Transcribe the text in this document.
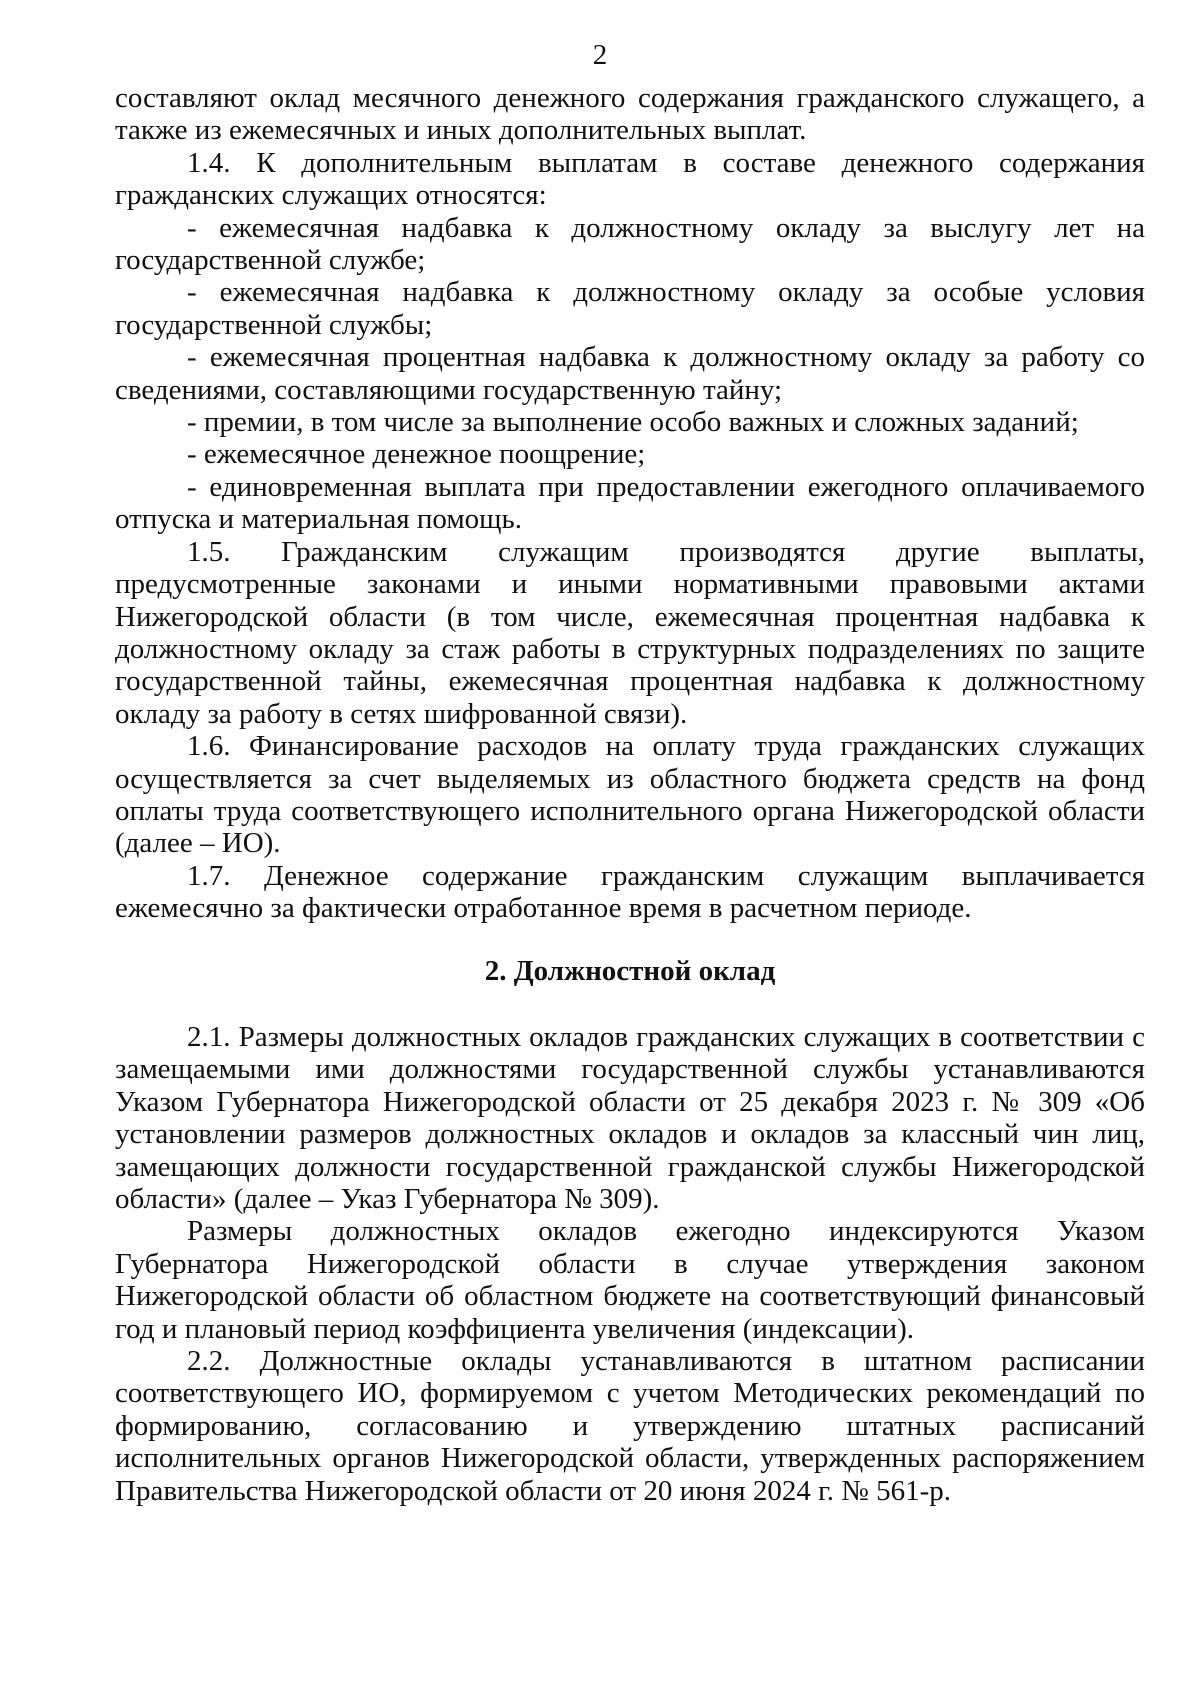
2

составляют оклад месячного денежного содержания гражданского служащего, а также из ежемесячных и иных дополнительных выплат.

1.4. К дополнительным выплатам в составе денежного содержания гражданских служащих относятся:

- ежемесячная надбавка к должностному окладу за выслугу лет на государственной службе;

- ежемесячная надбавка к должностному окладу за особые условия государственной службы;

- ежемесячная процентная надбавка к должностному окладу за работу со сведениями, составляющими государственную тайну;

- премии, в том числе за выполнение особо важных и сложных заданий;

- ежемесячное денежное поощрение;

- единовременная выплата при предоставлении ежегодного оплачиваемого отпуска и материальная помощь.

1.5. Гражданским служащим производятся другие выплаты, предусмотренные законами и иными нормативными правовыми актами Нижегородской области (в том числе, ежемесячная процентная надбавка к должностному окладу за стаж работы в структурных подразделениях по защите государственной тайны, ежемесячная процентная надбавка к должностному окладу за работу в сетях шифрованной связи).

1.6. Финансирование расходов на оплату труда гражданских служащих осуществляется за счет выделяемых из областного бюджета средств на фонд оплаты труда соответствующего исполнительного органа Нижегородской области (далее – ИО).

1.7. Денежное содержание гражданским служащим выплачивается ежемесячно за фактически отработанное время в расчетном периоде.

2. Должностной оклад

2.1. Размеры должностных окладов гражданских служащих в соответствии с замещаемыми ими должностями государственной службы устанавливаются Указом Губернатора Нижегородской области от 25 декабря 2023 г. № 309 «Об установлении размеров должностных окладов и окладов за классный чин лиц, замещающих должности государственной гражданской службы Нижегородской области» (далее – Указ Губернатора № 309).

Размеры должностных окладов ежегодно индексируются Указом Губернатора Нижегородской области в случае утверждения законом Нижегородской области об областном бюджете на соответствующий финансовый год и плановый период коэффициента увеличения (индексации).

2.2. Должностные оклады устанавливаются в штатном расписании соответствующего ИО, формируемом с учетом Методических рекомендаций по формированию, согласованию и утверждению штатных расписаний исполнительных органов Нижегородской области, утвержденных распоряжением Правительства Нижегородской области от 20 июня 2024 г. № 561-р.
